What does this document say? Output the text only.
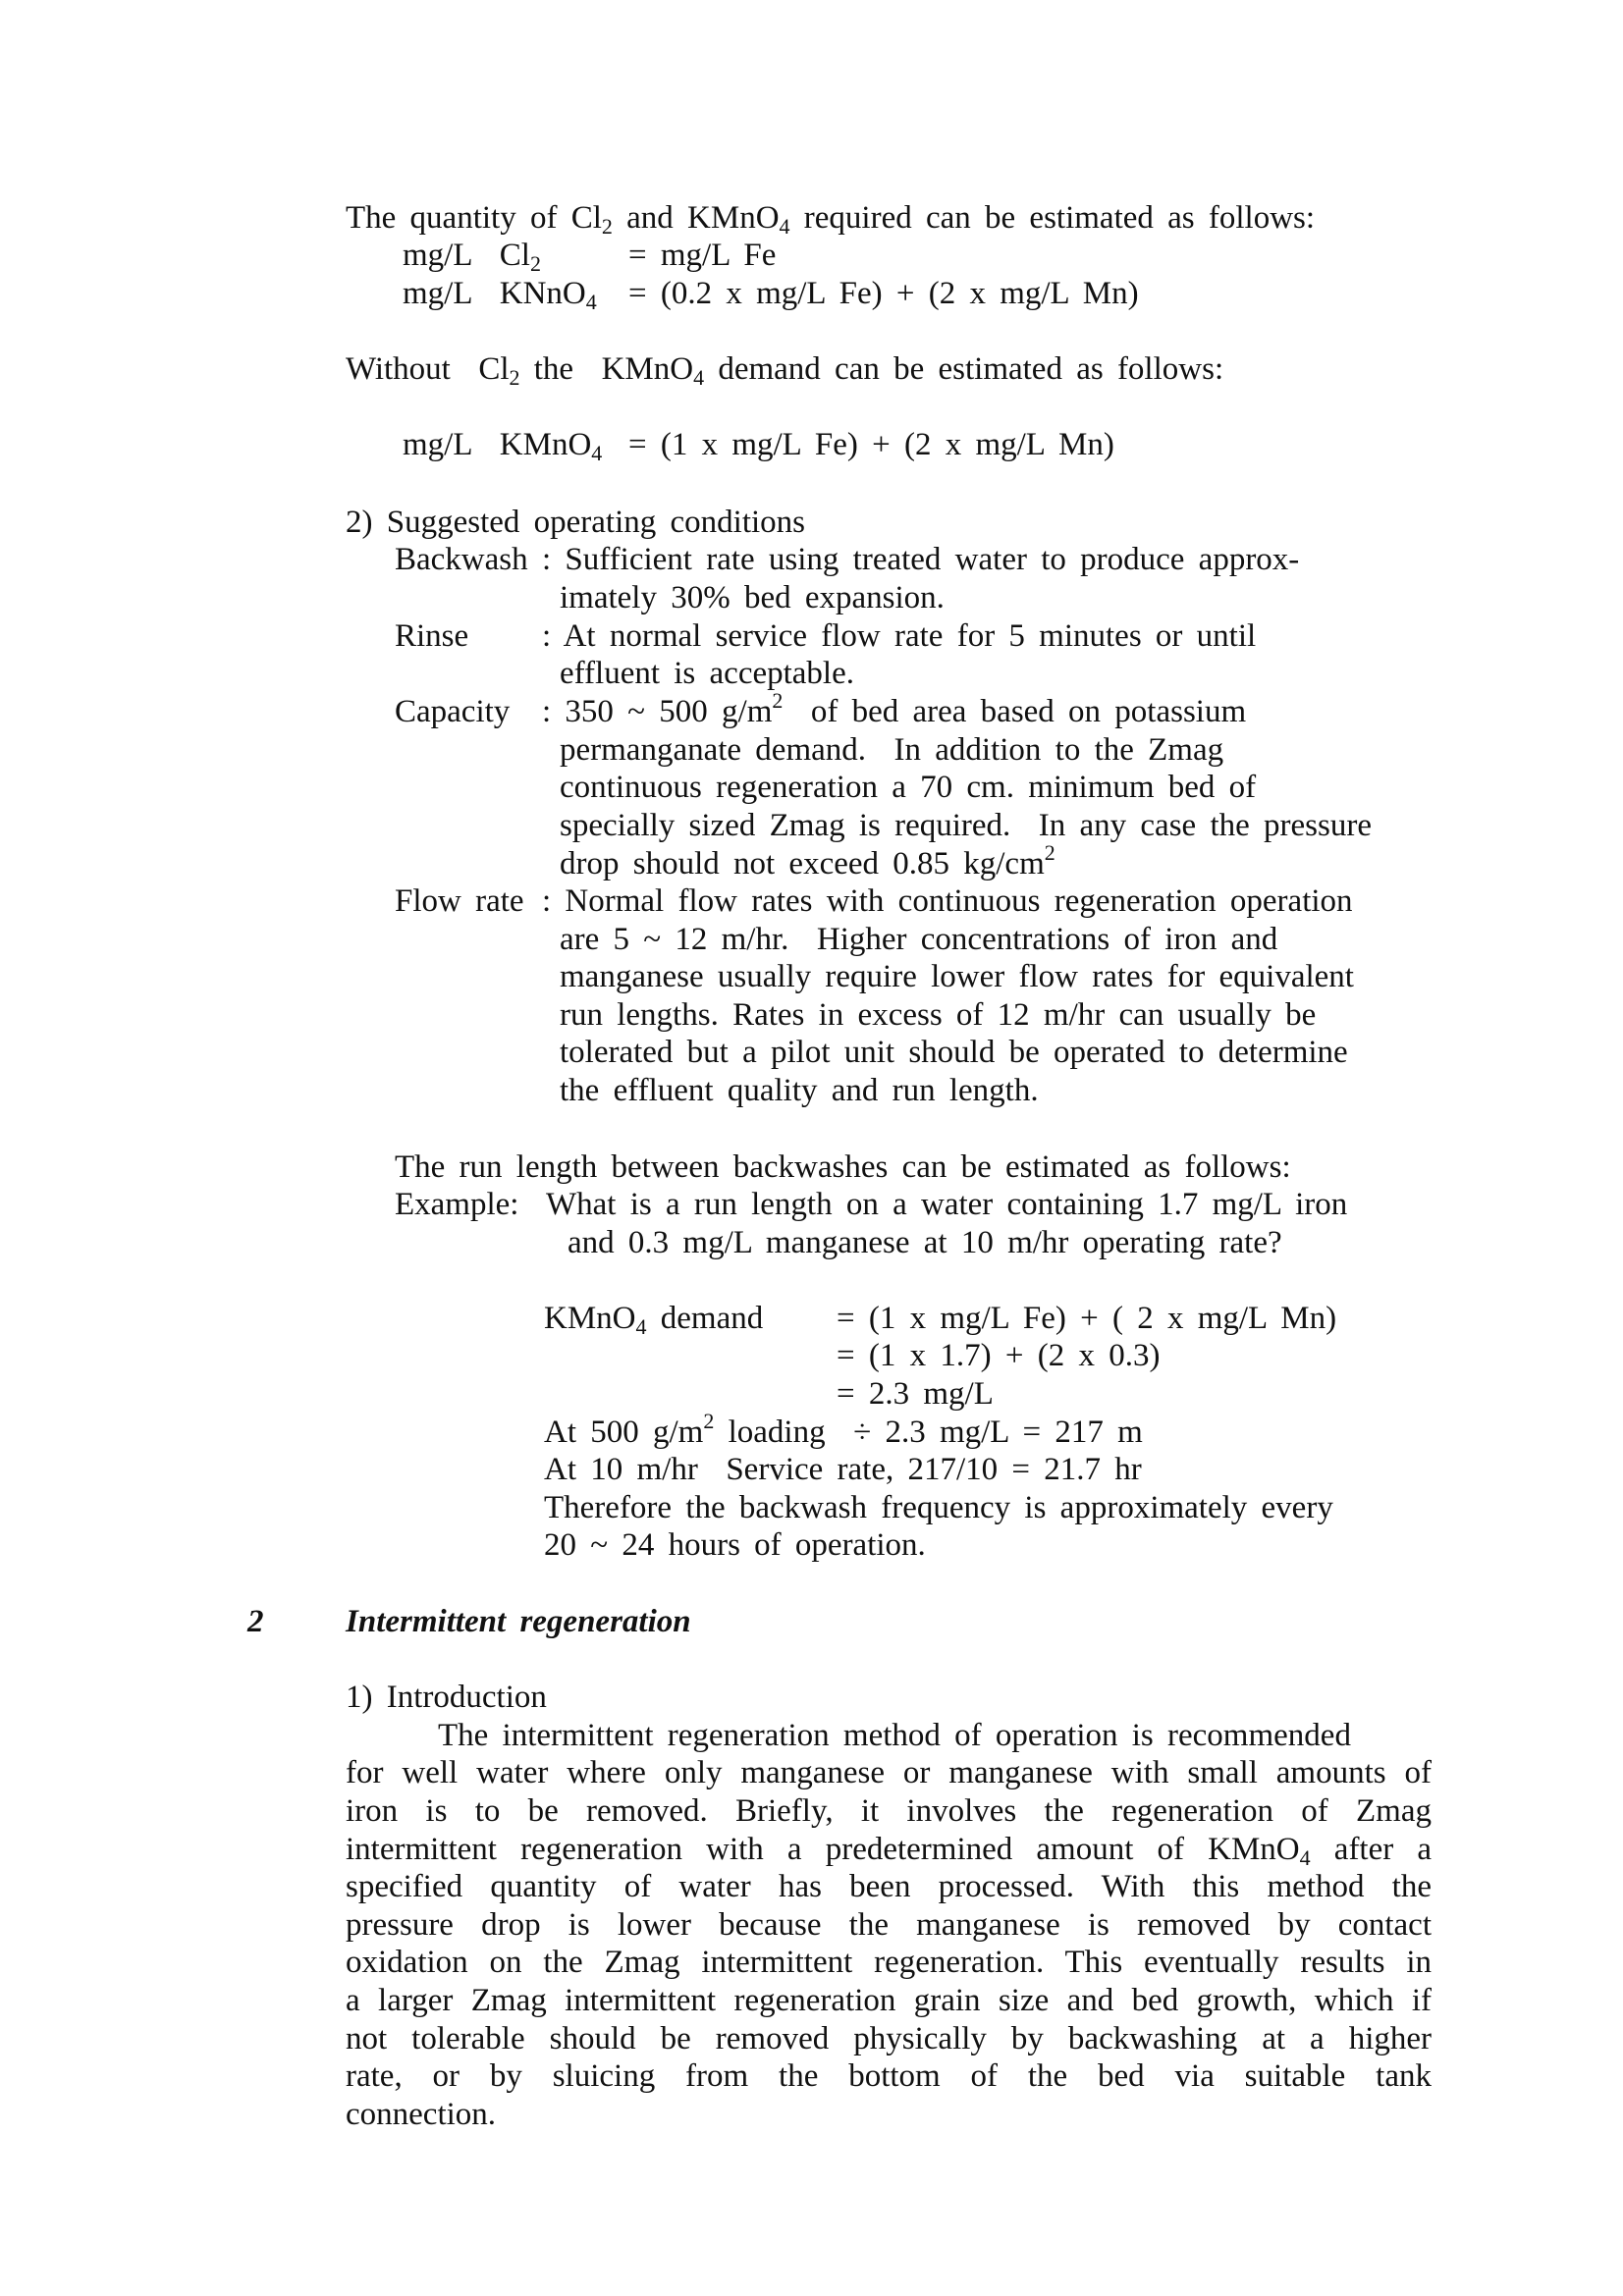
The quantity of $Cl_2$ and KMnO$_4$ required can be estimated as follows:
mg/L  $Cl_2$	= mg/L Fe
mg/L  KNnO$_4$ = (0.2 x mg/L Fe) + (2 x mg/L Mn)
Without  $Cl_2$ the  KMnO$_4$ demand can be estimated as follows:
mg/L  KMnO$_4$ = (1 x mg/L Fe) + (2 x mg/L Mn)
2) Suggested operating conditions
Backwash : Sufficient rate using treated water to produce approx-
imately 30% bed expansion.
Rinse : At normal service flow rate for 5 minutes or until
effluent is acceptable.
Capacity : 350 ~ 500 $g/m^2$  of bed area based on potassium
permanganate demand.  In addition to the Zmag
continuous regeneration a 70 cm. minimum bed of
specially sized Zmag is required.  In any case the pressure
drop should not exceed 0.85 $kg/cm^2$
Flow rate : Normal flow rates with continuous regeneration operation
are 5 ~ 12 m/hr.  Higher concentrations of iron and
manganese usually require lower flow rates for equivalent
run lengths. Rates in excess of 12 m/hr can usually be
tolerated but a pilot unit should be operated to determine
the effluent quality and run length.
The run length between backwashes can be estimated as follows:
Example: What is a run length on a water containing 1.7 mg/L iron
and 0.3 mg/L manganese at 10 m/hr operating rate?
KMnO$_4$ demand = (1 x mg/L Fe) + ( 2 x mg/L Mn)
= (1 x 1.7) + (2 x 0.3)
= 2.3 mg/L
At 500 $g/m^2$ loading  ÷ 2.3 mg/L = 217 m
At 10 m/hr  Service rate, 217/10 = 21.7 hr
Therefore the backwash frequency is approximately every
20 ~ 24 hours of operation.
2	Intermittent regeneration
1) Introduction
The intermittent regeneration method of operation is recommended
for well water where only manganese or manganese with small amounts of
iron is to be removed. Briefly, it involves the regeneration of Zmag
intermittent regeneration with a predetermined amount of KMnO$_4$ after a
specified quantity of water has been processed. With this method the
pressure drop is lower because the manganese is removed by contact
oxidation on the Zmag intermittent regeneration. This eventually results in
a larger Zmag intermittent regeneration grain size and bed growth, which if
not tolerable should be removed physically by backwashing at a higher
rate, or by sluicing from the bottom of the bed via suitable tank
connection.
